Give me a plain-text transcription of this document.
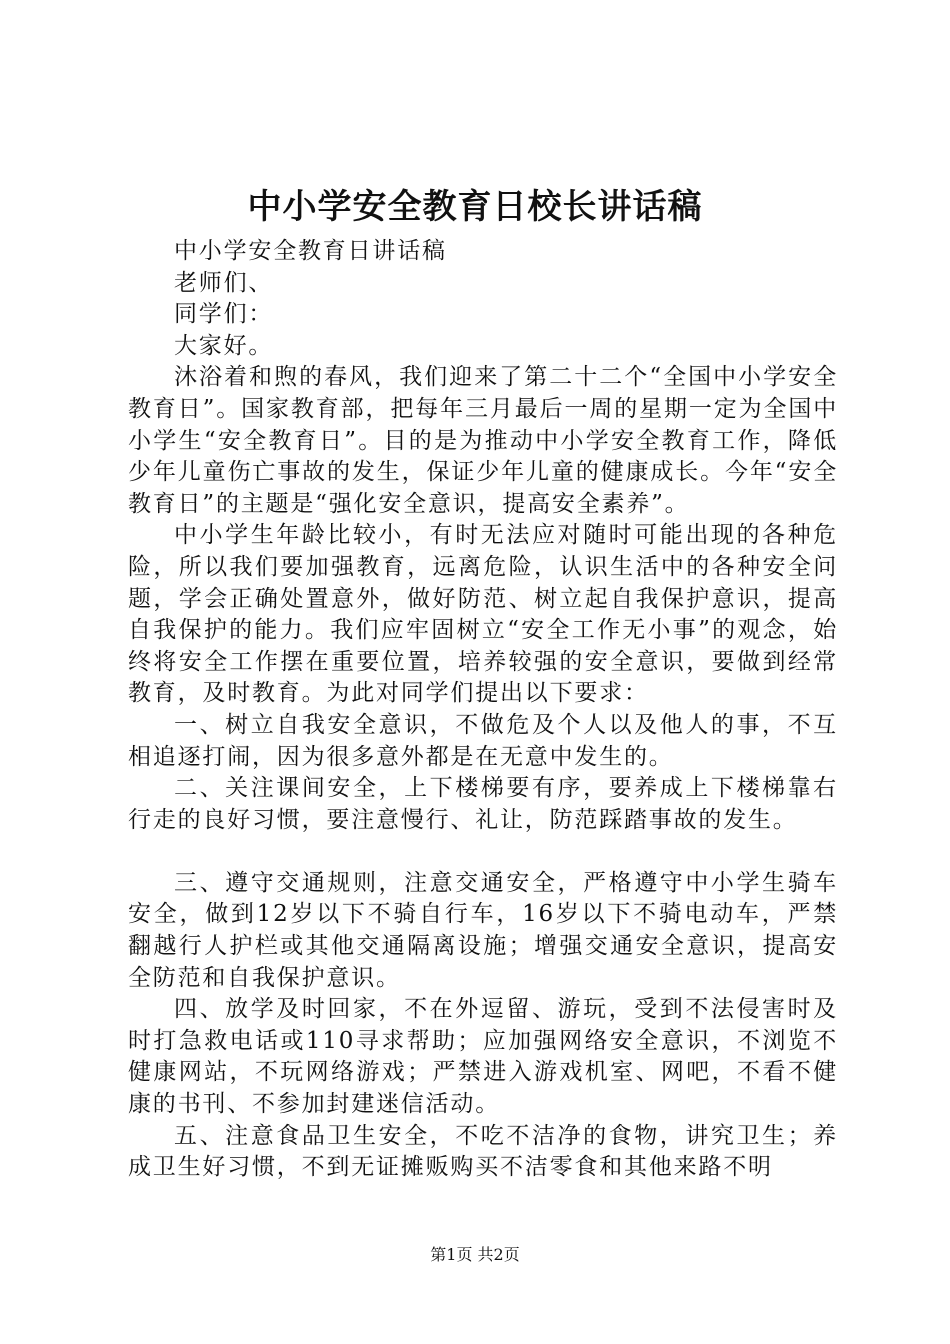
中小学安全教育日校长讲话稿

中小学安全教育日讲话稿

老师们、

同学们：

大家好。

沐浴着和煦的春风，我们迎来了第二十二个“全国中小学安全教育日”。国家教育部，把每年三月最后一周的星期一定为全国中小学生“安全教育日”。目的是为推动中小学安全教育工作，降低少年儿童伤亡事故的发生，保证少年儿童的健康成长。今年“安全教育日”的主题是“强化安全意识，提高安全素养”。

中小学生年龄比较小，有时无法应对随时可能出现的各种危险，所以我们要加强教育，远离危险，认识生活中的各种安全问题，学会正确处置意外，做好防范、树立起自我保护意识，提高自我保护的能力。我们应牢固树立“安全工作无小事”的观念，始终将安全工作摆在重要位置，培养较强的安全意识，要做到经常教育，及时教育。为此对同学们提出以下要求：

一、树立自我安全意识，不做危及个人以及他人的事，不互相追逐打闹，因为很多意外都是在无意中发生的。

二、关注课间安全，上下楼梯要有序，要养成上下楼梯靠右行走的良好习惯，要注意慢行、礼让，防范踩踏事故的发生。

三、遵守交通规则，注意交通安全，严格遵守中小学生骑车安全，做到12岁以下不骑自行车，16岁以下不骑电动车，严禁翻越行人护栏或其他交通隔离设施；增强交通安全意识，提高安全防范和自我保护意识。

四、放学及时回家，不在外逗留、游玩，受到不法侵害时及时打急救电话或110寻求帮助；应加强网络安全意识，不浏览不健康网站，不玩网络游戏；严禁进入游戏机室、网吧，不看不健康的书刊、不参加封建迷信活动。

五、注意食品卫生安全，不吃不洁净的食物，讲究卫生；养成卫生好习惯，不到无证摊贩购买不洁零食和其他来路不明

第1页 共2页
